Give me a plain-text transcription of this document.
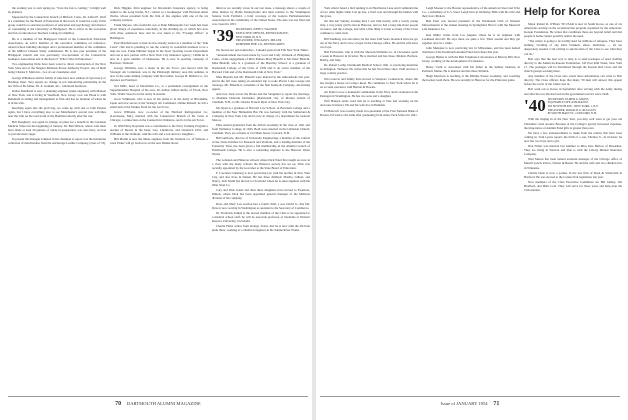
the evening was to start spring up. "Save the fun to coming," it might well be planned.

Supported by the Connecticut branch of Milford, Conn., Dr. Alfred E. Wolf is a candidate for the Board of Education in that town. It would be a pity if this group could be to sanction producers of education and psychology and director of counselling at the University of Bridgeport. He is active in the recreation and fun of education at Teachers College (Columbia).

He is a member of the Bridgeport branch of the Connecticut Education Association, an active member of the executive committee on reference-related school building shortages and a professional member of the committee of the Milford Citizens Study commission. He is also past president of the Bridgeport branch and was previously vice-president of the Connecticut Guidance Association and at the head of "Who's Who in Education."

Two engineering firms have been voted to direct construction of the New York State end of the Niagara-Mohawk Power Authority Project, one of them being Charles T. Main Inc., two of our classmates also!

George Wilkinson and his family of nine have now address in Syracuse (c/o Hastings Dept. Yes) reports no change in job announcing partnership in the law firm of his father, Dr. Jr. Graham, Inc., wholesale hardware.

Dallas Reinhardt is now a planning engineer (nuke engineer) with Manual of New York, and is living in Westfield, New Jersey. Lou van Hook is with Reinhardt in selling and management at firm and has no mention of where he is in his wife.

Reaching again into the grab bag, we come up with one or both Patents again, but I have everything else to see Manchester's several new activities near the Unit on the road north of my Hamilton shortly after the war.

Bill Dougherty was again in (charge of plans for a benefit in the Graduate Medical School in the beginning of January. Dr. Ben Wilson, whose wife must have made at least 20 gallons of candy in preparation, was also busy; we had to provide more sugar.

In present the manager Johnson in his chairman to report was the handsome collection of merchandise from the Anchorage Leather Company (class of '53).

Dick Higgins, third engineer for Riverside's Insurance agency, is being named to the Long Island, N.J., station as a bookkeeper with Harrison-Allen Works, whose president from the firm of fire engines with one of the six company partners.

Frank Meyers, who found his son at Penn Minneapolis last week has been given charge of expansion, nationally, in the dividing up, to which he's now with three sentences here and he was taken to the "Foreign Office" at Burlington.

Paul Marshall used to hear he has already joined as a member of the "Oak Lions" club and is planning to run the country in wonderful business to be a ship nor tree. Frank Dilinder began in the Sport Sporting Goods Department and one is now partner with a New York City insurance agency; I think he is now in a great number of businesses. He is now in sporting company of Harrison, Vermont.

George Williams, now a major in the Air Force, just moved with the Strategic Air Command, was in the Pittsburgh military area this summer, is now in the same mining company with his brother, George B. Mahan Co., for instance and Vermont.

Ted Mills, head of Macmillan Co., is a permanent reassignment in the Superintendent Hospital of his area, Dr. Arthur Gilbert Rolfe, of Tivoli, New York. Walter Wood is in the Army in Austria.

Grow Wilkinson, who is now in his prime is in the Army at Hiroshima, Japan and now serves at the Strategic Air Command. Unlike himself, he left a small sum at the Yankee Field for the Air Force.

Grace Williams, now co-owner of the Hartford Refrigeration Co. (Lauristone, Md.), married with the Connecticut Branch of Dr. Gene at Chicago; a connection on the Connecticut Ordnance, and is in the Air Force.

In 1956 Harry Reynolds was a contribution to the Navy Training Program a teacher of Morris in the Dept. Gas, Chemicals, and Chemical 1955, and Williams at the Vermont, with his wife and a son and two daughters.

Bill Martin is now the mines engineer from the Vermont Co. of Winona, a town Fisher will go back now on the new Dinner Road.

mind as we recently wrote in our last issue, a message shows a couple of other memos by Hollis Pennsylvania and their relative to the Washington Senator from Fairfield, a brief coverage of the Geneva Parliamentarians Association in the community of the United States. The date was not final and was closed in 1953.

'39 SECRETARY, JOHN S. WAGNER
EXECUTIVE OFFICES, RENSELIGH AVE,
NEW YORK 18, N.Y.
TREASURER, WILLIAM S. MILLER
RUMFORD PINE CO., BUENOS AIRES

We moved our pen somewhat... I should quote from Fife New York Times:

"Announcement has been made by Lord and Lady Orrmark of Hampden, Conn., of the engagement of Miss Pamela Mary Bianchi to Mr. Peter Bianchi. Miss Bianchi, who is a graduate of the Brearley School, is a graduate of Dartmouth College of the Class of 1939 and is an active member of the Harvard Club and of the Dartmouth Club of New York."

Miss Bianchi and Mr. Bianchi were married in the Adirondacks last year, and in the fall were taking an extended trip to Lake Placid, Lake George and Saratoga. Mr. Bianchi is a member of the firm Kemp & Company, advertising agents.

And now back across the Bronx and the Sanguinet to report the marriage, to Madame Deborah Parmenter (Dartmouth '41), of Marion Arnold of Chatham, N.H., to Mr. Charles Francis Ryan of New York City.

Mr. Ryan is a graduate of Harvard Law School, of Bowdoin College and a member of the New Hampshire Bar. He was formerly with the Sutherland & Company in New York City and is now in charge of a department for General Motors.

Miss Arnold graduated from the Abbott Academy in the class of 1941 and from Wellesley College in 1945. Both were married in the Unitarian Church, Chatham. They are at home at 212 Main Street, Concord, N.H.

Bill Guilfoyle, director of University Engineering, a member of the council of the Texas Institute for Research and Vermont, and a leading member of the Fraternity Trust, has been given a full membership in the Alumni Council of Dartmouth College. He is also a consulting engineer to the Hanover Water Works.

The Lebanon and Hanover schools where Dick Ward first taught are now in a class with the many schools the Hanover society has set up. Dick was recently appointed by the Governor to the State Board of Education.

F. Lawrence Ginsberg is now practicing law with his brother in New York City, and also lives in Darien. He has three children: Martha, Gilbert, and Nancy. Jack Smith has moved to Cleveland where he is sales engineer with the Ohio Steel Co.

Cary and Dick Gabel and their three daughters have moved to Evanston, Illinois, where Dick has been appointed general manager of the Midwest division of his company.

Dave and Mary Lou Gordon had a fourth child, a son, David Jr., this fall. Dave is now serving in Washington as assistant to the Secretary of Commerce.

Dr. Frederick Zankel is the newest member of the Class to be appointed to a medical school staff; he will be associate professor of medicine at Western Reserve University, Cleveland.

Charlie Fuller writes from Orange, Texas, that he is now with the Du Pont plant there, working as a chemical engineer in the Sabine River Works.

70 DARTMOUTH ALUMNI MAGAZINE

York when I heard a bird running it on Hawthorne Lane and it reminded me of two other nights when I sat up late, a brief scan and through the bushes with the grass.

On that last Sunday evening here I saw him mostly with a lovely young lady, a very pretty girl he met in Hanover, and we had a long talk about people we know, and the College, and what a fine thing it is that so many of the Class continue to come back.

Bill Sandberg was also there; he has been with Sears, Roebuck since he got out of the Navy and is now a buyer in the Chicago office. He and his wife have two boys.

Bob Farbrother, who is with the Sherwin-Williams Co. in Cleveland, spent a week in Hanover in October. He is married and has three children: Barbara, Bobby, and Judy.

Dr. Robert Leahy, Dartmouth Medical School 1941, is practicing medicine in Arlington, Vermont. He writes that he has lived there since 1949 and has a large country practice.

Jim Conover and family have moved to Westport, Connecticut, where Jim has bought a house on Compo Road. He commutes to New York where he is an account executive with Benton & Bowles.

Art Rolfe is now a lieutenant commander in the Navy and is stationed at the Pentagon in Washington. He has two sons and a daughter.

Walt Hansen sends word that he is teaching at Yale and working on his doctorate in history. He and his wife live in Hamden.

Ed Bancroft was recently made vice-president of the First National Bank of Boston. Ed went to the bank after graduating from Amos Tuck School in 1941.

Leigh Moeser is the Boston representative of the American Steel and Wire Co., a subsidiary of U.S. Steel. Leigh lives in Wellesley Hills with his wife and their four children.

Bud Pratt was elected president of the Dartmouth Club of Western Massachusetts at the annual meeting in Springfield. Bud is with the Monarch Life Insurance Co.

Ken Miller writes from Los Angeles where he is an engineer with Lockheed Aircraft. He says there are quite a few '39ers around and they get together once in a while.

John Meissner is now practicing law in Milwaukee, and has been named chairman of the Dartmouth Alumni Fund drive there this year.

George Hunter is with the Bell Telephone Laboratories at Murray Hill, New Jersey, working on the development of transistors.

Henry Clark is associated with his father in the lumber business in Portland, Maine. He is married and has three children.

Hugh Morrison is teaching at the Phillips Exeter Academy, and coaching the hockey team there. He was recently in Hanover for the Princeton game.

Help for Korea

Major Robert R. O'Brien '39 USAR is now in South Korea, as one of six Americans serving on the reconstruction program organized by the American-Korean Foundation. He writes that conditions there are beyond belief and that people at home cannot possibly realize the need.

"The winter is going to be terribly hard for millions of refugees. They have nothing. Clothing of any kind, blankets, shoes, medicines — all are desperately needed. I am writing to ask the men of the Class to see what they can do."

Bob says that the best way to help is to send packages of used clothing directly to the American-Korean Foundation, 345 East 46th Street, New York 17. The packages will be distributed through the Korean Red Cross and the church groups working there.

Any member of the Class who wants more information can write to Bob directly. The Class officers hope that many '39 men will answer this appeal before the worst of the winter sets in.

Bob went out to Korea in September after serving with the Army during and after the war. He has been in the government service since 1946.

'40 SECRETARY, ELMER A. GROSS
EQUITABLE LIFE ASSURANCE
393 SEVENTH AVE., NEW YORK 1, N.Y.
TREASURER, DONALD G. RUGGLES
80 SOUTH MAIN ST., CONCORD, N.H.

With the ringing in of the New Year, you may well want to get your old Christmas cards around. Because of the College's greatly increased expenses, the importance of Alumni Fund gifts is greater than ever.

We have a few announcements to make from the returns that have been coming in. Tom Lyons reports the birth of a son, Thomas Jr., in October; he now has two boys and a girl.

Don Fisher was married last summer to Miss Jane Harlow of Brookline. They are living in Newton and Don is with the Liberty Mutual Insurance Company.

Walt Mason has been named assistant manager of the Chicago office of Merrill Lynch, Pierce, Fenner & Beane. He and his wife and two children live in Winnetka.

Charlie Dean is now a partner in the law firm of Dean & Whitcomb in Hartford. He was elected to the Connecticut legislature last year.

New members of the Class Executive Committee are Bill Ashley, Jim Bradford, and Herb Cole. They will serve for three years and help plan the 15th reunion.

Issue of JANUARY 1954 71
